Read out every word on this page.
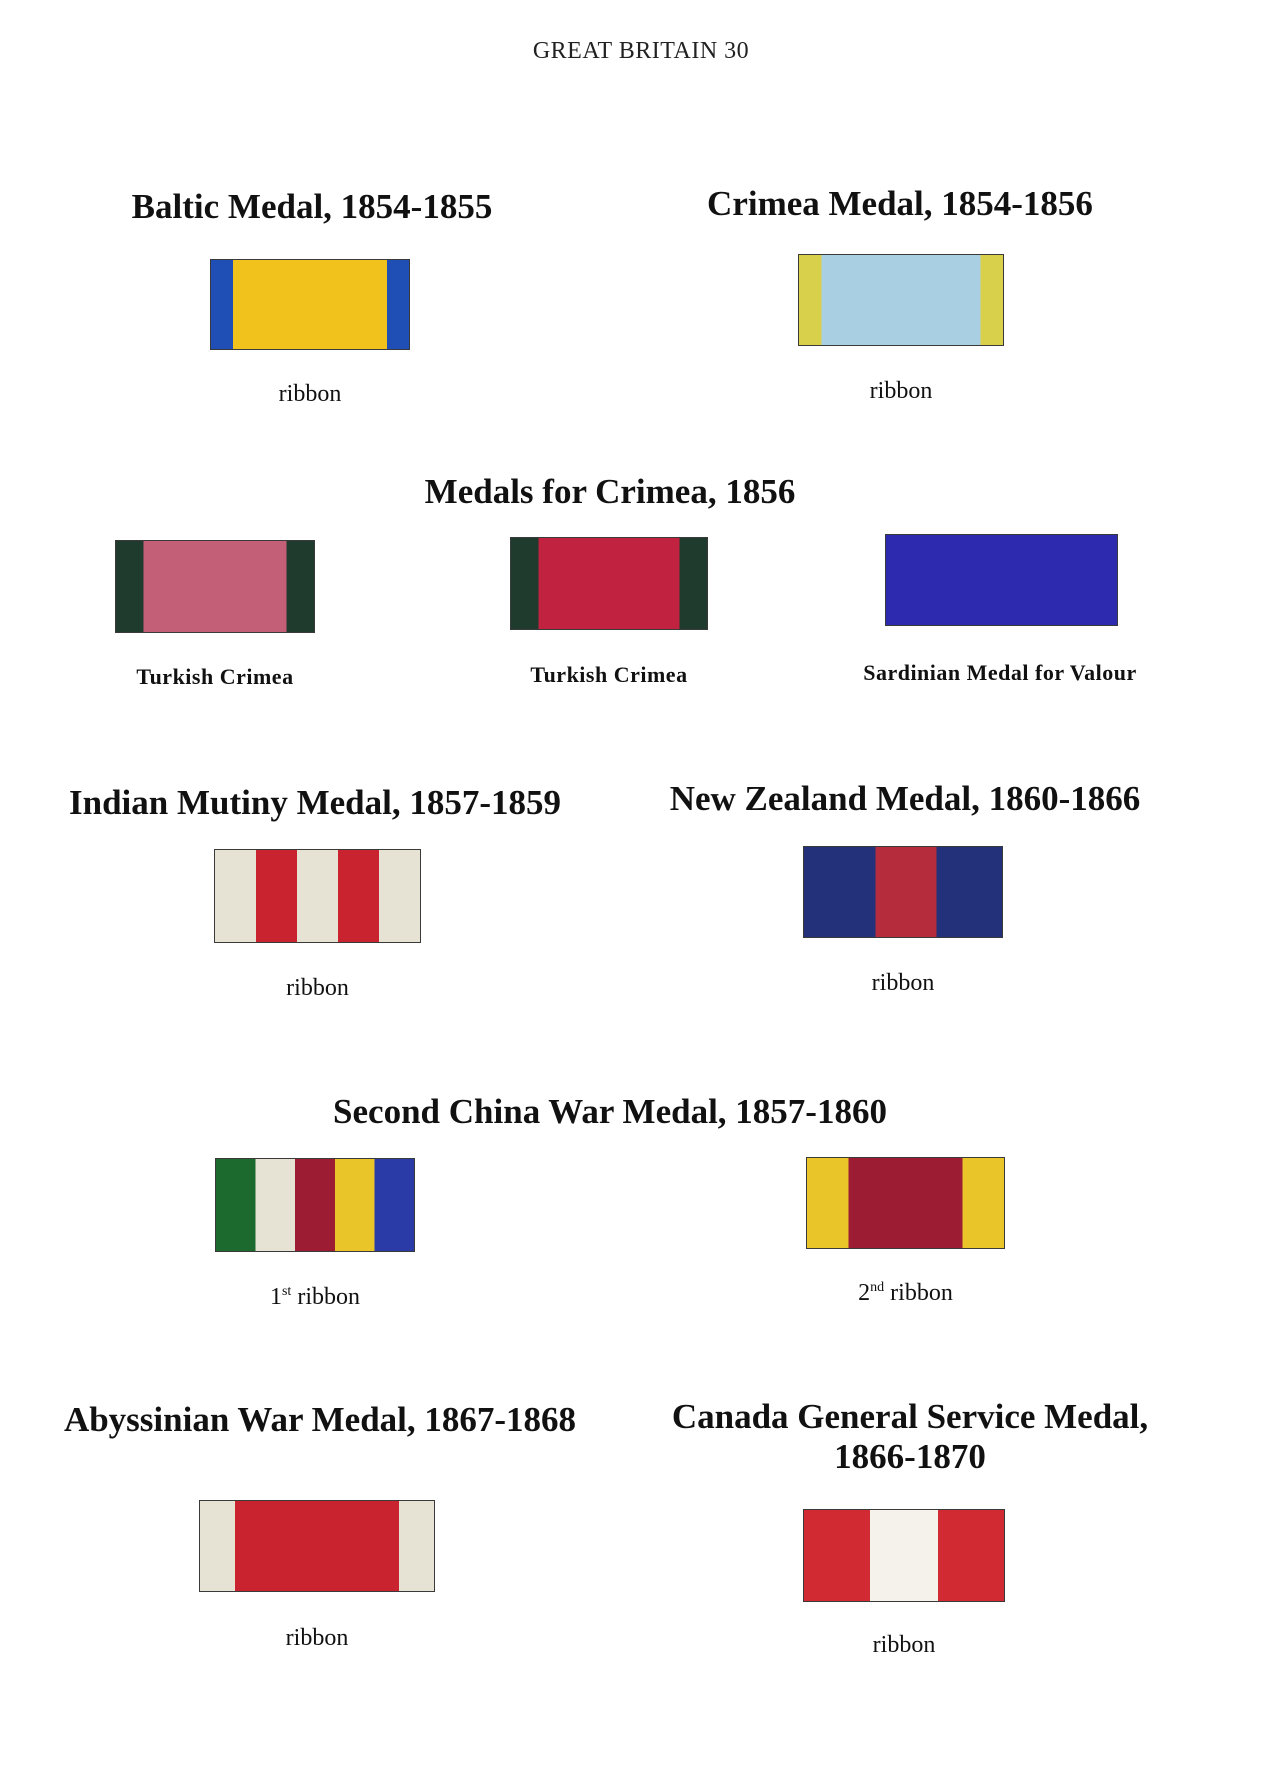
GREAT BRITAIN 30
Baltic Medal, 1854-1855
ribbon
Crimea Medal, 1854-1856
ribbon
Medals for Crimea, 1856
Turkish Crimea	Turkish Crimea	Sardinian Medal for Valour
Indian Mutiny Medal, 1857-1859
ribbon
New Zealand Medal, 1860-1866
ribbon
Second China War Medal, 1857-1860
1st ribbon	2nd ribbon
Abyssinian War Medal, 1867-1868
ribbon
Canada General Service Medal,
1866-1870
ribbon
